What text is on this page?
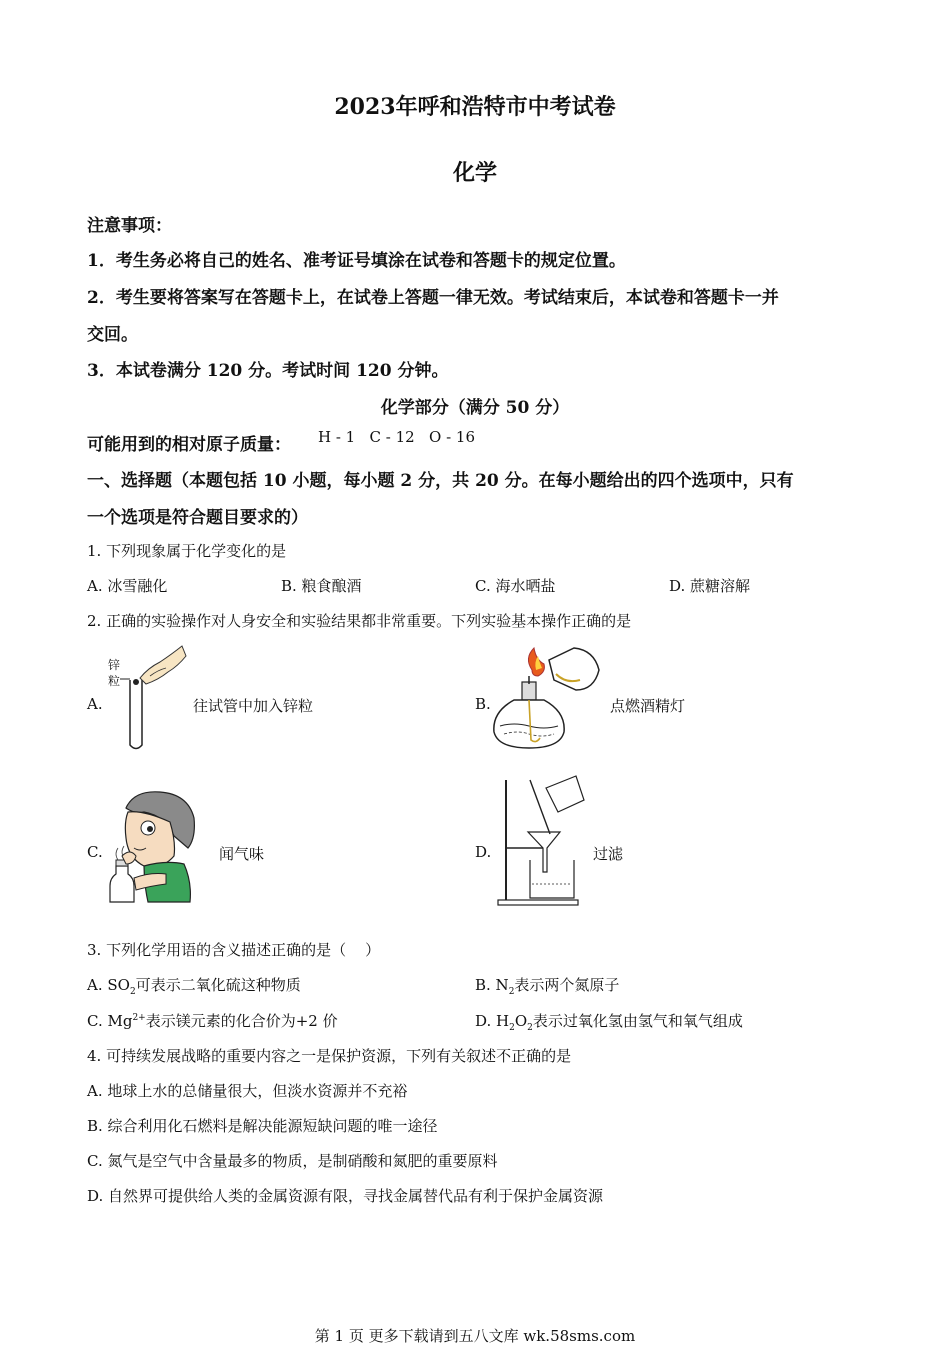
2023年呼和浩特市中考试卷
化学
注意事项：
1．考生务必将自己的姓名、准考证号填涂在试卷和答题卡的规定位置。
2．考生要将答案写在答题卡上，在试卷上答题一律无效。考试结束后，本试卷和答题卡一并
交回。
3．本试卷满分 120 分。考试时间 120 分钟。
化学部分（满分 50 分）
可能用到的相对原子质量： H - 1   C - 12   O - 16
一、选择题（本题包括 10 小题，每小题 2 分，共 20 分。在每小题给出的四个选项中，只有
一个选项是符合题目要求的）
1. 下列现象属于化学变化的是
A. 冰雪融化	B. 粮食酿酒	C. 海水晒盐	D. 蔗糖溶解
2. 正确的实验操作对人身安全和实验结果都非常重要。下列实验基本操作正确的是
A.
锌
粒
往试管中加入锌粒	B.	点燃酒精灯
C.	闻气味	D.	过滤
3. 下列化学用语的含义描述正确的是（    ）
A. $SO_2$可表示二氧化硫这种物质	B. $N_2$表示两个氮原子
C. $Mg^{2+}$表示镁元素的化合价为+2 价	D. $H_2O_2$表示过氧化氢由氢气和氧气组成
4. 可持续发展战略的重要内容之一是保护资源，下列有关叙述不正确的是
A. 地球上水的总储量很大，但淡水资源并不充裕
B. 综合利用化石燃料是解决能源短缺问题的唯一途径
C. 氮气是空气中含量最多的物质，是制硝酸和氮肥的重要原料
D. 自然界可提供给人类的金属资源有限，寻找金属替代品有利于保护金属资源
第 1 页 更多下载请到五八文库 wk.58sms.com
